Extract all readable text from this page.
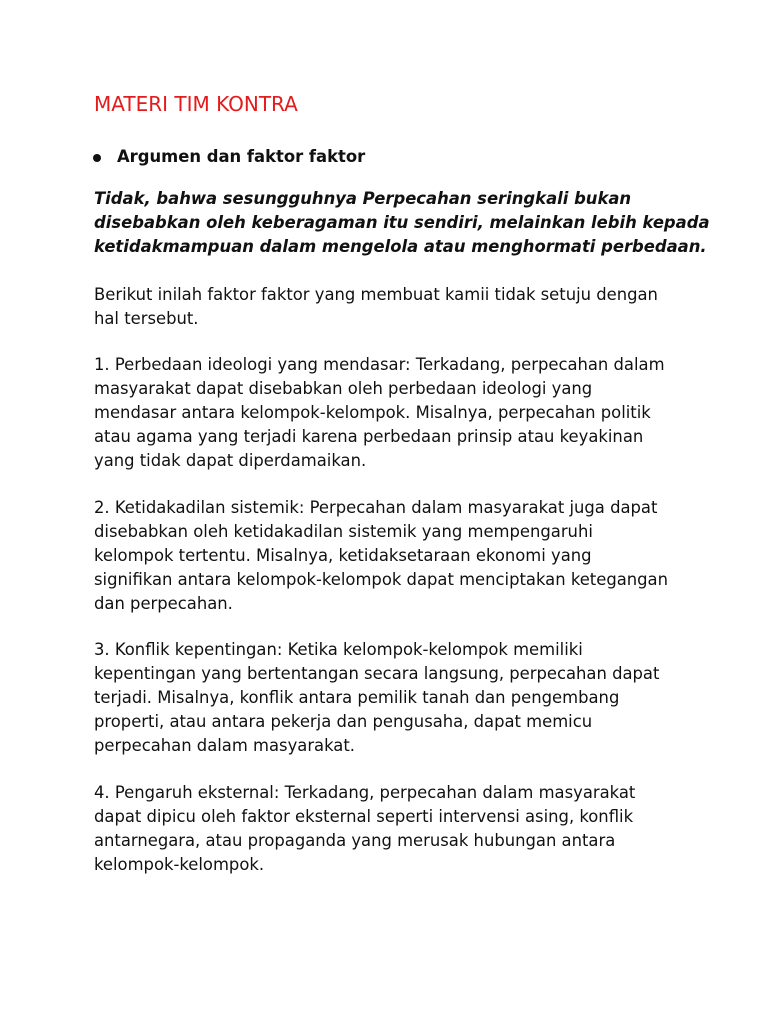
MATERI TIM KONTRA
Argumen dan faktor faktor
Tidak, bahwa sesungguhnya Perpecahan seringkali bukan
disebabkan oleh keberagaman itu sendiri, melainkan lebih kepada
ketidakmampuan dalam mengelola atau menghormati perbedaan.
Berikut inilah faktor faktor yang membuat kamii tidak setuju dengan
hal tersebut.
1. Perbedaan ideologi yang mendasar: Terkadang, perpecahan dalam
masyarakat dapat disebabkan oleh perbedaan ideologi yang
mendasar antara kelompok-kelompok. Misalnya, perpecahan politik
atau agama yang terjadi karena perbedaan prinsip atau keyakinan
yang tidak dapat diperdamaikan.
2. Ketidakadilan sistemik: Perpecahan dalam masyarakat juga dapat
disebabkan oleh ketidakadilan sistemik yang mempengaruhi
kelompok tertentu. Misalnya, ketidaksetaraan ekonomi yang
signifikan antara kelompok-kelompok dapat menciptakan ketegangan
dan perpecahan.
3. Konflik kepentingan: Ketika kelompok-kelompok memiliki
kepentingan yang bertentangan secara langsung, perpecahan dapat
terjadi. Misalnya, konflik antara pemilik tanah dan pengembang
properti, atau antara pekerja dan pengusaha, dapat memicu
perpecahan dalam masyarakat.
4. Pengaruh eksternal: Terkadang, perpecahan dalam masyarakat
dapat dipicu oleh faktor eksternal seperti intervensi asing, konflik
antarnegara, atau propaganda yang merusak hubungan antara
kelompok-kelompok.
